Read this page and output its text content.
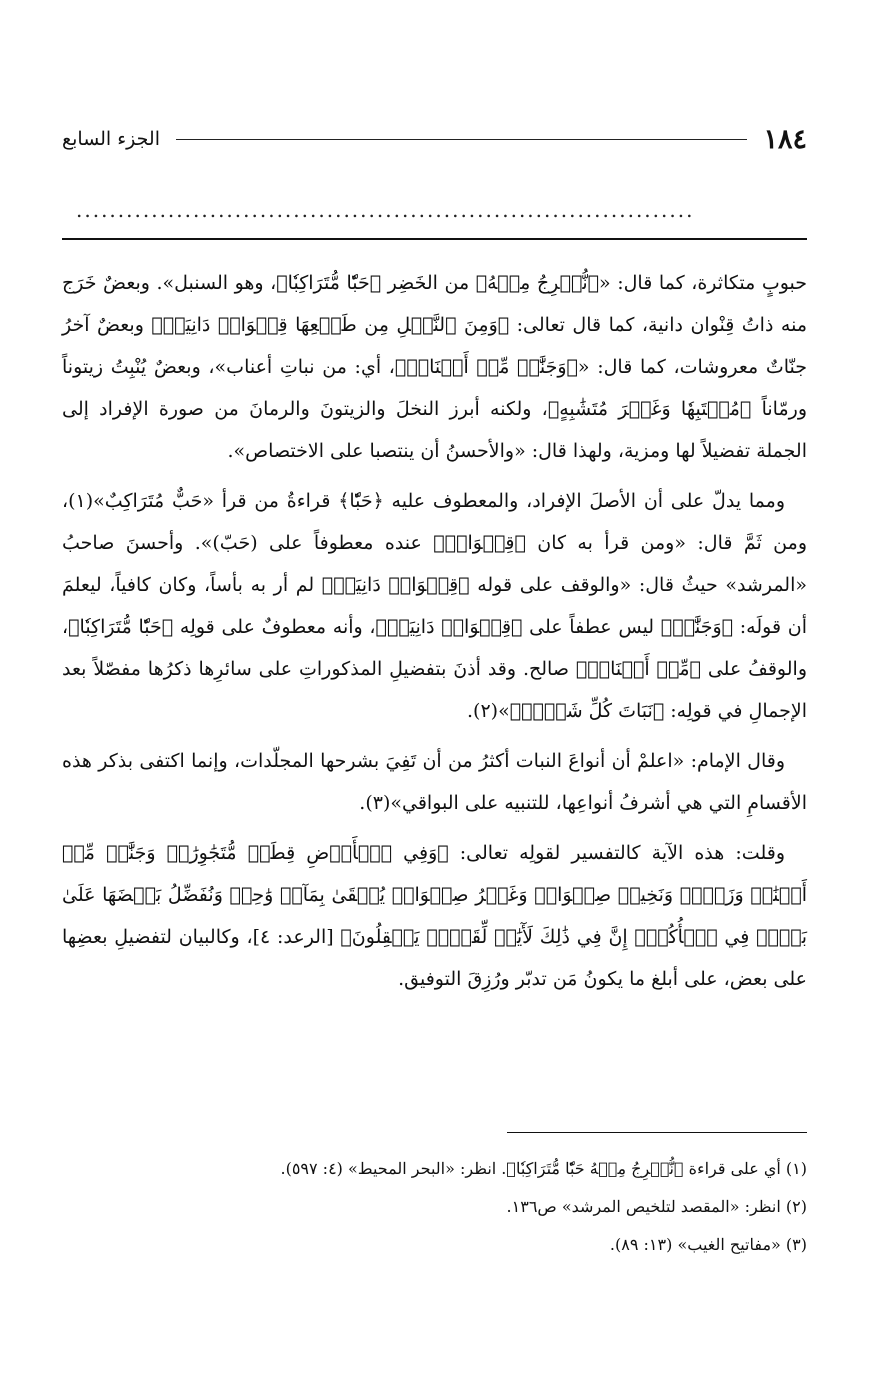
١٨٤
الجزء السابع
..........................................................................

حبوبٍ متكاثرة، كما قال: «﴿نُّخۡرِجُ مِنۡهُ﴾ من الخَضِر ﴿حَبّٗا مُّتَرَاكِبٗا﴾، وهو السنبل». وبعضٌ خَرَج منه ذاتُ قِنْوان دانية، كما قال تعالى: ﴿وَمِنَ ٱلنَّخۡلِ مِن طَلۡعِهَا قِنۡوَانٞ دَانِيَةٞ﴾ وبعضٌ آخرُ جنّاتٌ معروشات، كما قال: «﴿وَجَنَّٰتٖ مِّنۡ أَعۡنَابٖ﴾، أي: من نباتِ أعناب»، وبعضٌ يُنْبِتُ زيتوناً ورمّاناً ﴿مُشۡتَبِهٗا وَغَيۡرَ مُتَشَٰبِهٍ﴾، ولكنه أبرز النخلَ والزيتونَ والرمانَ من صورة الإفراد إلى الجملة تفضيلاً لها ومزية، ولهذا قال: «والأحسنُ أن ينتصبا على الاختصاص».

ومما يدلّ على أن الأصلَ الإفراد، والمعطوف عليه ﴿حَبّٗا﴾ قراءةُ من قرأ «حَبٌّ مُتَرَاكِبٌ»(١)، ومن ثَمَّ قال: «ومن قرأ به كان ﴿قِنۡوَانٞ﴾ عنده معطوفاً على (حَبّ)». وأحسنَ صاحبُ «المرشد» حيثُ قال: «والوقف على قوله ﴿قِنۡوَانٞ دَانِيَةٞ﴾ لم أر به بأساً، وكان كافياً، ليعلمَ أن قولَه: ﴿وَجَنَّٰتٖ﴾ ليس عطفاً على ﴿قِنۡوَانٞ دَانِيَةٞ﴾، وأنه معطوفٌ على قولِه ﴿حَبّٗا مُّتَرَاكِبٗا﴾، والوقفُ على ﴿مِّنۡ أَعۡنَابٖ﴾ صالح. وقد أذنَ بتفضيلِ المذكوراتِ على سائرِها ذكرُها مفصّلاً بعد الإجمالِ في قولِه: ﴿نَبَاتَ كُلِّ شَيۡءٖ﴾»(٢).

وقال الإمام: «اعلمْ أن أنواعَ النبات أكثرُ من أن تَفِيَ بشرحها المجلّدات، وإنما اكتفى بذكر هذه الأقسامِ التي هي أشرفُ أنواعِها، للتنبيه على البواقي»(٣).

وقلت: هذه الآية كالتفسير لقولِه تعالى: ﴿وَفِي ٱلۡأَرۡضِ قِطَعٞ مُّتَجَٰوِرَٰتٞ وَجَنَّٰتٞ مِّنۡ أَعۡنَٰبٖ وَزَرۡعٞ وَنَخِيلٞ صِنۡوَانٞ وَغَيۡرُ صِنۡوَانٖ يُسۡقَىٰ بِمَآءٖ وَٰحِدٖ وَنُفَضِّلُ بَعۡضَهَا عَلَىٰ بَعۡضٖ فِي ٱلۡأُكُلِۚ إِنَّ فِي ذَٰلِكَ لَأٓيَٰتٖ لِّقَوۡمٖ يَعۡقِلُونَ﴾ [الرعد: ٤]، وكالبيان لتفضيلِ بعضِها على بعض، على أبلغ ما يكونُ مَن تدبّر ورُزِقَ التوفيق.

(١) أي على قراءة ﴿نُّخۡرِجُ مِنۡهُ حَبّٗا مُّتَرَاكِبٗا﴾. انظر: «البحر المحيط» (٤: ٥٩٧).

(٢) انظر: «المقصد لتلخيص المرشد» ص١٣٦.

(٣) «مفاتيح الغيب» (١٣: ٨٩).
